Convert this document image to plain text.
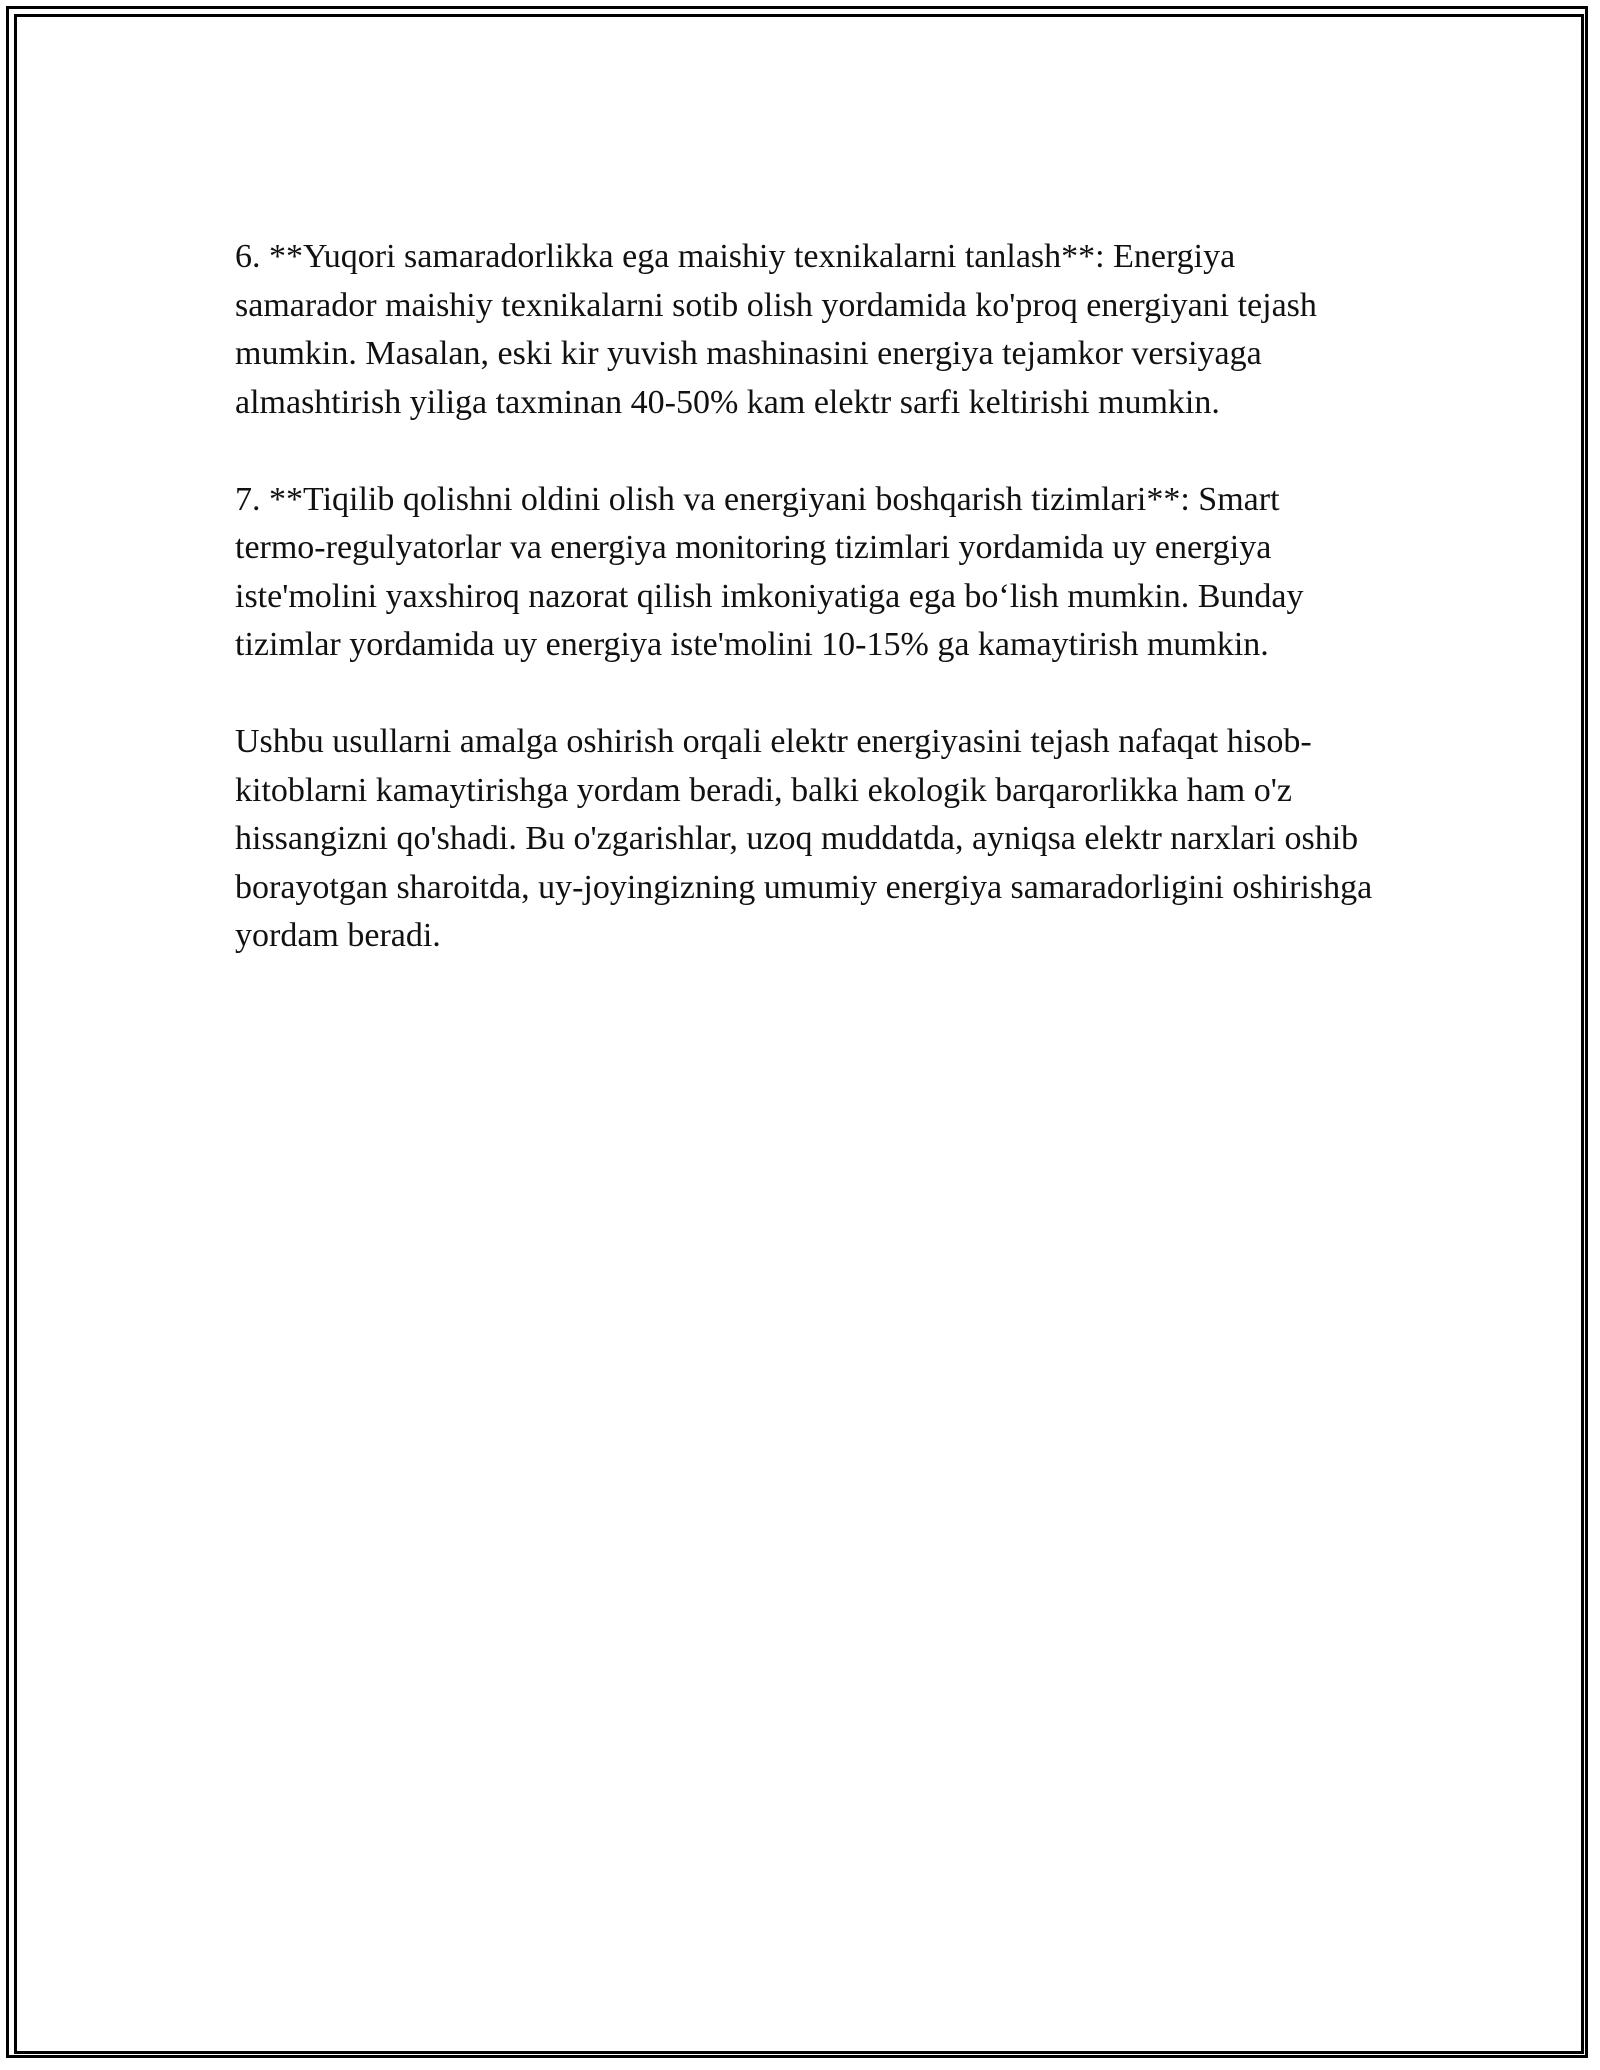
6. **Yuqori samaradorlikka ega maishiy texnikalarni tanlash**: Energiya samarador maishiy texnikalarni sotib olish yordamida ko'proq energiyani tejash mumkin. Masalan, eski kir yuvish mashinasini energiya tejamkor versiyaga almashtirish yiliga taxminan 40-50% kam elektr sarfi keltirishi mumkin.

7. **Tiqilib qolishni oldini olish va energiyani boshqarish tizimlari**: Smart termo-regulyatorlar va energiya monitoring tizimlari yordamida uy energiya iste'molini yaxshiroq nazorat qilish imkoniyatiga ega bo‘lish mumkin. Bunday tizimlar yordamida uy energiya iste'molini 10-15% ga kamaytirish mumkin.

Ushbu usullarni amalga oshirish orqali elektr energiyasini tejash nafaqat hisob-kitoblarni kamaytirishga yordam beradi, balki ekologik barqarorlikka ham o'z hissangizni qo'shadi. Bu o'zgarishlar, uzoq muddatda, ayniqsa elektr narxlari oshib borayotgan sharoitda, uy-joyingizning umumiy energiya samaradorligini oshirishga yordam beradi.
